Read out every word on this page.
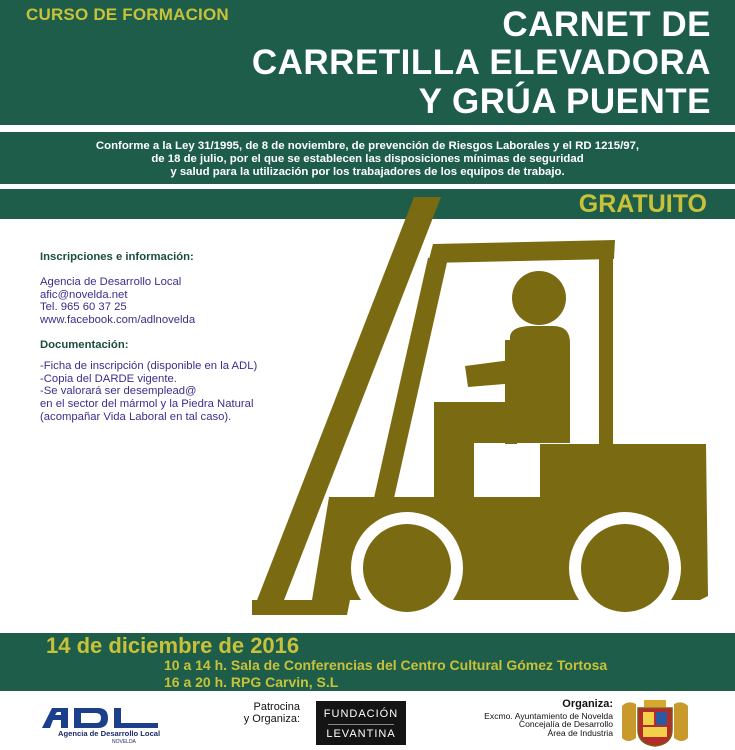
CURSO DE FORMACION	CARNET DE
CARRETILLA ELEVADORA
Y GRÚA PUENTE
Conforme a la Ley 31/1995, de 8 de noviembre, de prevención de Riesgos Laborales y el RD 1215/97,
de 18 de julio, por el que se establecen las disposiciones mínimas de seguridad
y salud para la utilización por los trabajadores de los equipos de trabajo.
GRATUITO
Inscripciones e información:
Agencia de Desarrollo Local
afic@novelda.net
Tel. 965 60 37 25
www.facebook.com/adlnovelda
Documentación:
-Ficha de inscripción (disponible en la ADL)
-Copia del DARDE vigente.
-Se valorará ser desemplead@
en el sector del mármol y la Piedra Natural
(acompañar Vida Laboral en tal caso).
14 de diciembre de 2016
10 a 14 h. Sala de Conferencias del Centro Cultural Gómez Tortosa
16 a 20 h. RPG Carvin, S.L
Agencia de Desarrollo Local
NOVELDA
Patrocina
y Organiza:	FUNDACIÓN
LEVANTINA
Organiza:
Excmo. Ayuntamiento de Novelda
Concejalía de Desarrollo
Área de Industria
